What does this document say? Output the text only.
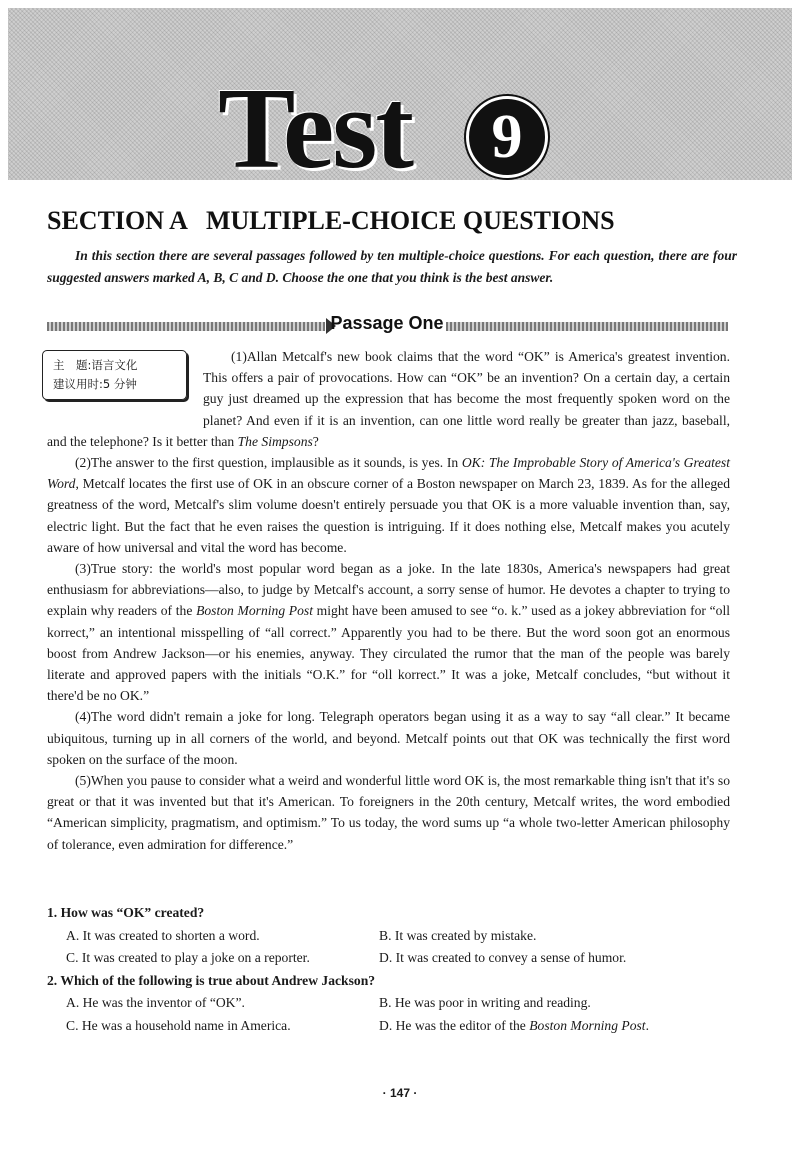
Test	9
SECTION A   MULTIPLE-CHOICE QUESTIONS
In this section there are several passages followed by ten multiple-choice questions. For each question, there are four suggested answers marked A, B, C and D. Choose the one that you think is the best answer.
Passage One
主　题:语言文化
建议用时:5 分钟

(1)Allan Metcalf's new book claims that the word “OK” is America's greatest invention. This offers a pair of provocations. How can “OK” be an invention? On a certain day, a certain guy just dreamed up the expression that has become the most frequently spoken word on the planet? And even if it is an invention, can one little word really be greater than jazz, baseball, and the telephone? Is it better than The Simpsons?

(2)The answer to the first question, implausible as it sounds, is yes. In OK: The Improbable Story of America's Greatest Word, Metcalf locates the first use of OK in an obscure corner of a Boston newspaper on March 23, 1839. As for the alleged greatness of the word, Metcalf's slim volume doesn't entirely persuade you that OK is a more valuable invention than, say, electric light. But the fact that he even raises the question is intriguing. If it does nothing else, Metcalf makes you acutely aware of how universal and vital the word has become.

(3)True story: the world's most popular word began as a joke. In the late 1830s, America's newspapers had great enthusiasm for abbreviations—also, to judge by Metcalf's account, a sorry sense of humor. He devotes a chapter to trying to explain why readers of the Boston Morning Post might have been amused to see “o. k.” used as a jokey abbreviation for “oll korrect,” an intentional misspelling of “all correct.” Apparently you had to be there. But the word soon got an enormous boost from Andrew Jackson—or his enemies, anyway. They circulated the rumor that the man of the people was barely literate and approved papers with the initials “O.K.” for “oll korrect.” It was a joke, Metcalf concludes, “but without it there'd be no OK.”

(4)The word didn't remain a joke for long. Telegraph operators began using it as a way to say “all clear.” It became ubiquitous, turning up in all corners of the world, and beyond. Metcalf points out that OK was technically the first word spoken on the surface of the moon.

(5)When you pause to consider what a weird and wonderful little word OK is, the most remarkable thing isn't that it's so great or that it was invented but that it's American. To foreigners in the 20th century, Metcalf writes, the word embodied “American simplicity, pragmatism, and optimism.” To us today, the word sums up “a whole two-letter American philosophy of tolerance, even admiration for difference.”

1. How was “OK” created?
A. It was created to shorten a word.	B. It was created by mistake.
C. It was created to play a joke on a reporter.	D. It was created to convey a sense of humor.
2. Which of the following is true about Andrew Jackson?
A. He was the inventor of “OK”.	B. He was poor in writing and reading.
C. He was a household name in America.	D. He was the editor of the Boston Morning Post.
· 147 ·
